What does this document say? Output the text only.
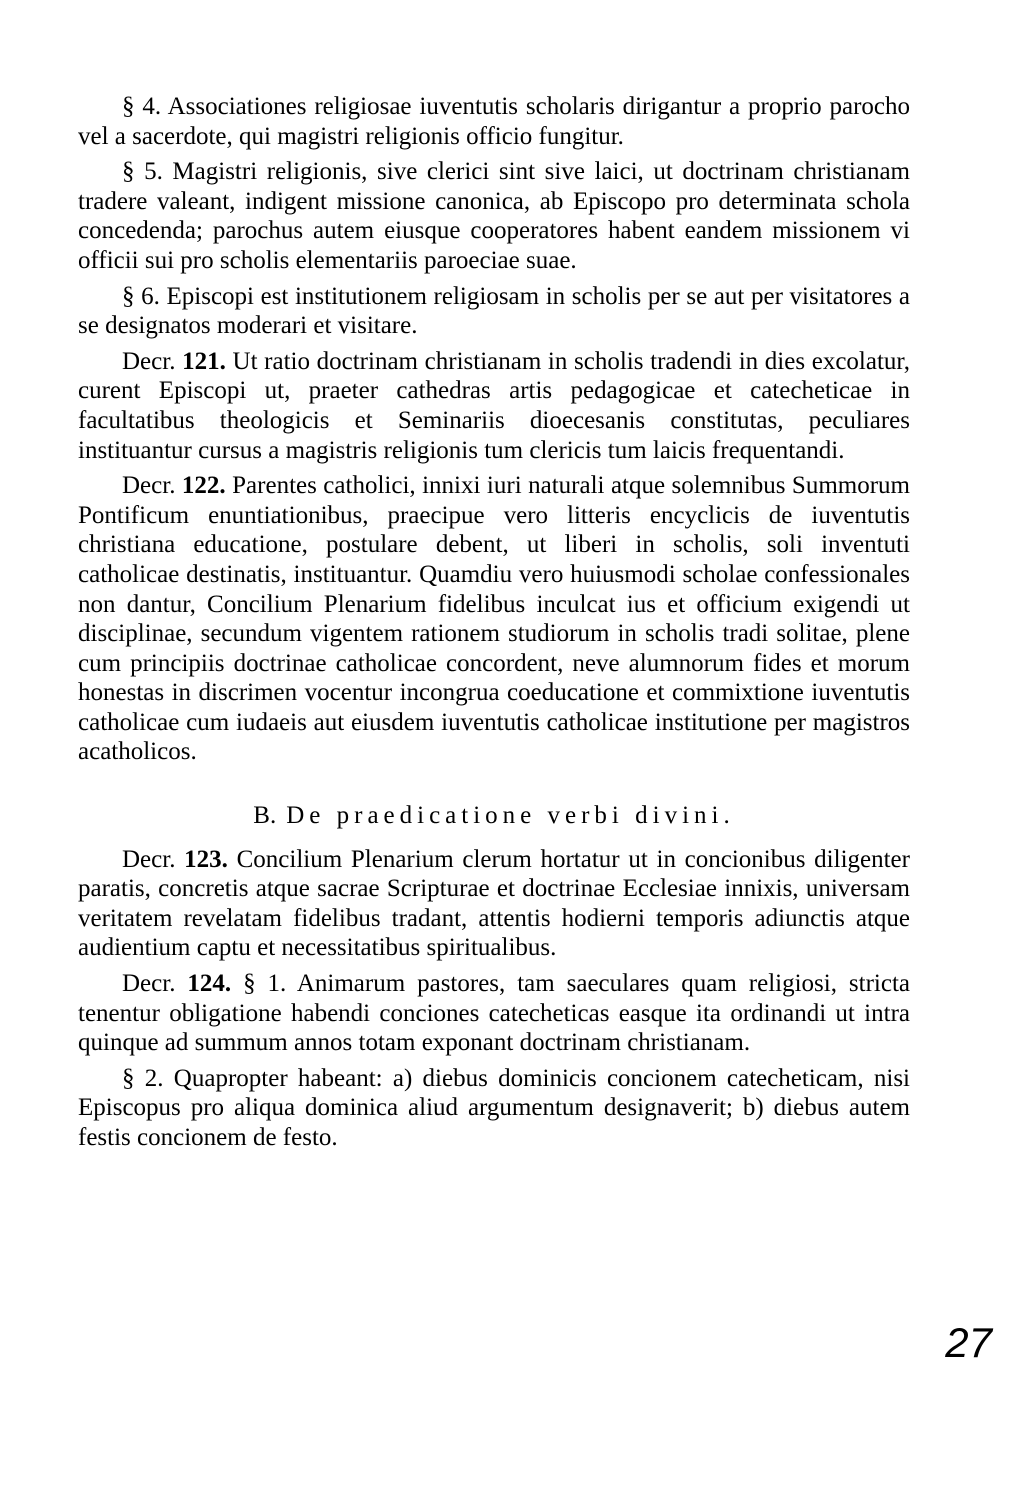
§ 4. Associationes religiosae iuventutis scholaris dirigantur a proprio parocho vel a sacerdote, qui magistri religionis officio fungitur.

§ 5. Magistri religionis, sive clerici sint sive laici, ut doctrinam christianam tradere valeant, indigent missione canonica, ab Episcopo pro determinata schola concedenda; parochus autem eiusque cooperatores habent eandem missionem vi officii sui pro scholis elementariis paroeciae suae.

§ 6. Episcopi est institutionem religiosam in scholis per se aut per visitatores a se designatos moderari et visitare.

Decr. 121. Ut ratio doctrinam christianam in scholis tradendi in dies excolatur, curent Episcopi ut, praeter cathedras artis pedagogicae et catecheticae in facultatibus theologicis et Seminariis dioecesanis constitutas, peculiares instituantur cursus a magistris religionis tum clericis tum laicis frequentandi.

Decr. 122. Parentes catholici, innixi iuri naturali atque solemnibus Summorum Pontificum enuntiationibus, praecipue vero litteris encyclicis de iuventutis christiana educatione, postulare debent, ut liberi in scholis, soli inventuti catholicae destinatis, instituantur. Quamdiu vero huiusmodi scholae confessionales non dantur, Concilium Plenarium fidelibus inculcat ius et officium exigendi ut disciplinae, secundum vigentem rationem studiorum in scholis tradi solitae, plene cum principiis doctrinae catholicae concordent, neve alumnorum fides et morum honestas in discrimen vocentur incongrua coeducatione et commixtione iuventutis catholicae cum iudaeis aut eiusdem iuventutis catholicae institutione per magistros acatholicos.

B. De praedicatione verbi divini.

Decr. 123. Concilium Plenarium clerum hortatur ut in concionibus diligenter paratis, concretis atque sacrae Scripturae et doctrinae Ecclesiae innixis, universam veritatem revelatam fidelibus tradant, attentis hodierni temporis adiunctis atque audientium captu et necessitatibus spiritualibus.

Decr. 124. § 1. Animarum pastores, tam saeculares quam religiosi, stricta tenentur obligatione habendi conciones catecheticas easque ita ordinandi ut intra quinque ad summum annos totam exponant doctrinam christianam.

§ 2. Quapropter habeant: a) diebus dominicis concionem catecheticam, nisi Episcopus pro aliqua dominica aliud argumentum designaverit; b) diebus autem festis concionem de festo.

27
